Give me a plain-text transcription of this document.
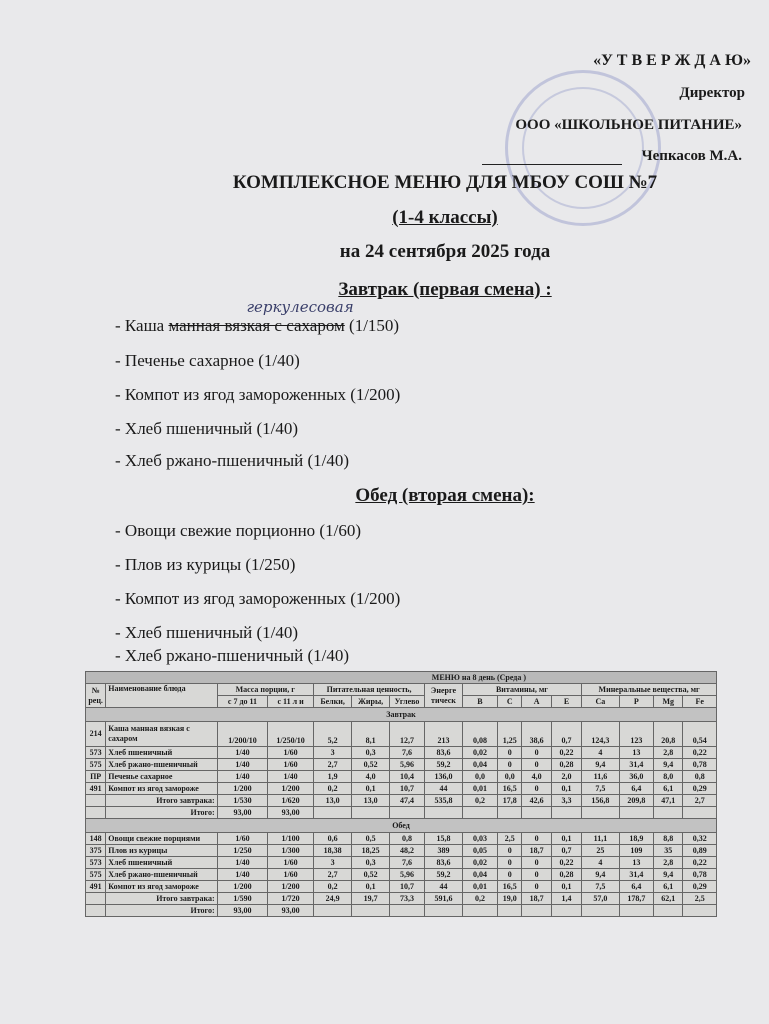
«У Т В Е Р Ж Д А Ю»
Директор
ООО «ШКОЛЬНОЕ ПИТАНИЕ»
Чепкасов М.А.
КОМПЛЕКСНОЕ МЕНЮ ДЛЯ МБОУ СОШ №7
(1-4 классы)
на 24 сентября 2025 года
Завтрак (первая смена) :
- Каша манная вязкая с сахаром
геркулесовая
(1/150)
- Печенье сахарное (1/40)
- Компот из ягод замороженных (1/200)
- Хлеб пшеничный (1/40)
- Хлеб ржано-пшеничный (1/40)
Обед (вторая смена):
- Овощи свежие порционно (1/60)
- Плов из курицы (1/250)
- Компот из ягод замороженных (1/200)
- Хлеб пшеничный (1/40)
- Хлеб ржано-пшеничный (1/40)
МЕНЮ на 8 день (Среда )															
№ рец.	Наименование блюда	Масса порции, г		Питательная ценность,			Энерге тическ	Витамины, мг				Минеральные вещества, мг			
		с 7 до 11	с 11 л и	Белки,	Жиры,	Углево		B	C	A	E	Ca	P	Mg	Fe
Завтрак															
214	Каша манная вязкая с сахаром	1/200/10	1/250/10	5,2	8,1	12,7	213	0,08	1,25	38,6	0,7	124,3	123	20,8	0,54
573	Хлеб пшеничный	1/40	1/60	3	0,3	7,6	83,6	0,02	0	0	0,22	4	13	2,8	0,22
575	Хлеб ржано-пшеничный	1/40	1/60	2,7	0,52	5,96	59,2	0,04	0	0	0,28	9,4	31,4	9,4	0,78
ПР	Печенье сахарное	1/40	1/40	1,9	4,0	10,4	136,0	0,0	0,0	4,0	2,0	11,6	36,0	8,0	0,8
491	Компот из ягод замороже	1/200	1/200	0,2	0,1	10,7	44	0,01	16,5	0	0,1	7,5	6,4	6,1	0,29
	Итого завтрака:	1/530	1/620	13,0	13,0	47,4	535,8	0,2	17,8	42,6	3,3	156,8	209,8	47,1	2,7
	Итого:	93,00	93,00												
Обед															
148	Овощи свежие порциями	1/60	1/100	0,6	0,5	0,8	15,8	0,03	2,5	0	0,1	11,1	18,9	8,8	0,32
375	Плов из курицы	1/250	1/300	18,38	18,25	48,2	389	0,05	0	18,7	0,7	25	109	35	0,89
573	Хлеб пшеничный	1/40	1/60	3	0,3	7,6	83,6	0,02	0	0	0,22	4	13	2,8	0,22
575	Хлеб ржано-пшеничный	1/40	1/60	2,7	0,52	5,96	59,2	0,04	0	0	0,28	9,4	31,4	9,4	0,78
491	Компот из ягод замороже	1/200	1/200	0,2	0,1	10,7	44	0,01	16,5	0	0,1	7,5	6,4	6,1	0,29
	Итого завтрака:	1/590	1/720	24,9	19,7	73,3	591,6	0,2	19,0	18,7	1,4	57,0	178,7	62,1	2,5
	Итого:	93,00	93,00												
